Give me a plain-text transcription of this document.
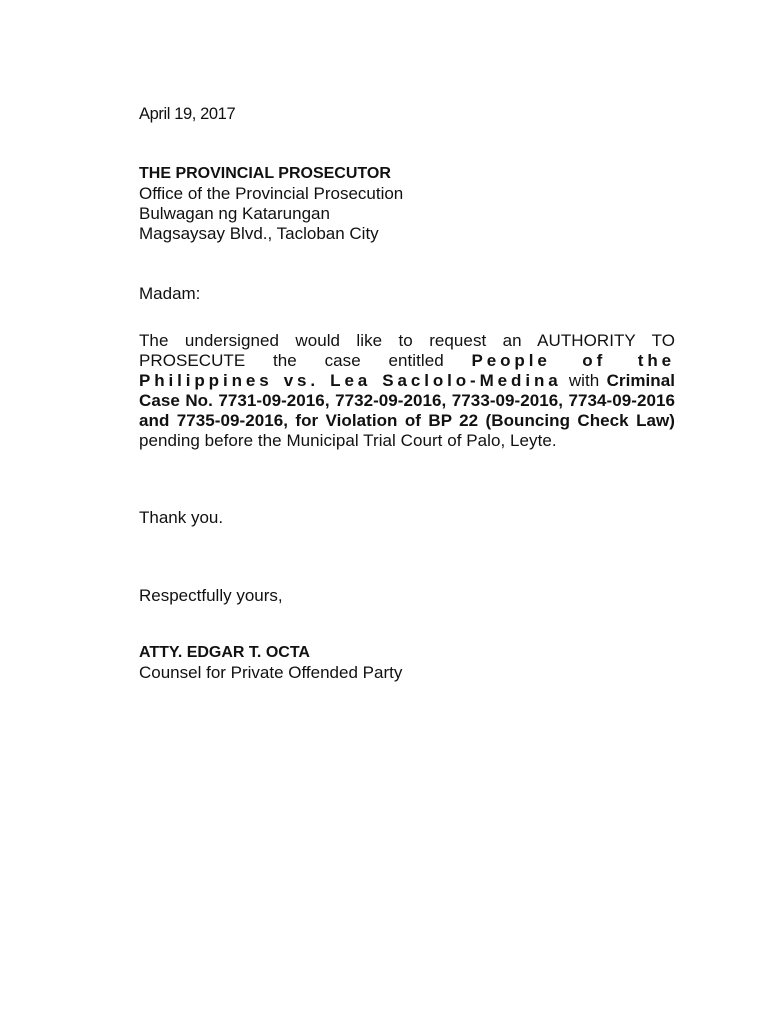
April 19, 2017
THE PROVINCIAL PROSECUTOR
Office of the Provincial Prosecution
Bulwagan ng Katarungan
Magsaysay Blvd., Tacloban City
Madam:
The undersigned would like to request an AUTHORITY TO PROSECUTE the case entitled People of the Philippines vs. Lea Saclolo-Medina with Criminal Case No. 7731-09-2016, 7732-09-2016, 7733-09-2016, 7734-09-2016 and 7735-09-2016, for Violation of BP 22 (Bouncing Check Law) pending before the Municipal Trial Court of Palo, Leyte.
Thank you.
Respectfully yours,
ATTY. EDGAR T. OCTA
Counsel for Private Offended Party
